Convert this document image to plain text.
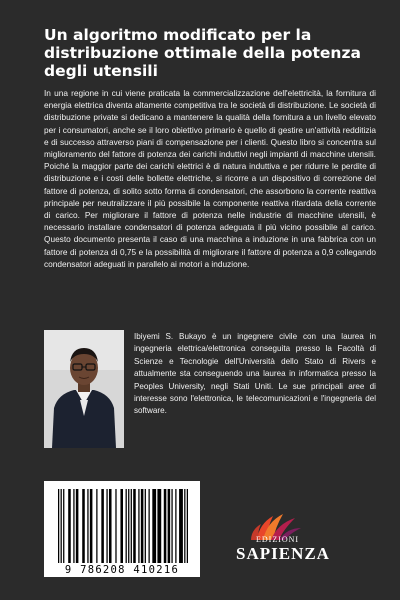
Un algoritmo modificato per la distribuzione ottimale della potenza degli utensili

In una regione in cui viene praticata la commercializzazione dell'elettricità, la fornitura di energia elettrica diventa altamente competitiva tra le società di distribuzione. Le società di distribuzione private si dedicano a mantenere la qualità della fornitura a un livello elevato per i consumatori, anche se il loro obiettivo primario è quello di gestire un'attività redditizia e di successo attraverso piani di compensazione per i clienti. Questo libro si concentra sul miglioramento del fattore di potenza dei carichi induttivi negli impianti di macchine utensili. Poiché la maggior parte dei carichi elettrici è di natura induttiva e per ridurre le perdite di distribuzione e i costi delle bollette elettriche, si ricorre a un dispositivo di correzione del fattore di potenza, di solito sotto forma di condensatori, che assorbono la corrente reattiva principale per neutralizzare il più possibile la componente reattiva ritardata della corrente di carico. Per migliorare il fattore di potenza nelle industrie di macchine utensili, è necessario installare condensatori di potenza adeguata il più vicino possibile al carico. Questo documento presenta il caso di una macchina a induzione in una fabbrica con un fattore di potenza di 0,75 e la possibilità di migliorare il fattore di potenza a 0,9 collegando condensatori adeguati in parallelo ai motori a induzione.

Ibiyemi S. Bukayo è un ingegnere civile con una laurea in ingegneria elettrica/elettronica conseguita presso la Facoltà di Scienze e Tecnologie dell'Università dello Stato di Rivers e attualmente sta conseguendo una laurea in informatica presso la Peoples University, negli Stati Uniti. Le sue principali aree di interesse sono l'elettronica, le telecomunicazioni e l'ingegneria del software.

9 786208 410216
EDIZIONI
SAPIENZA
